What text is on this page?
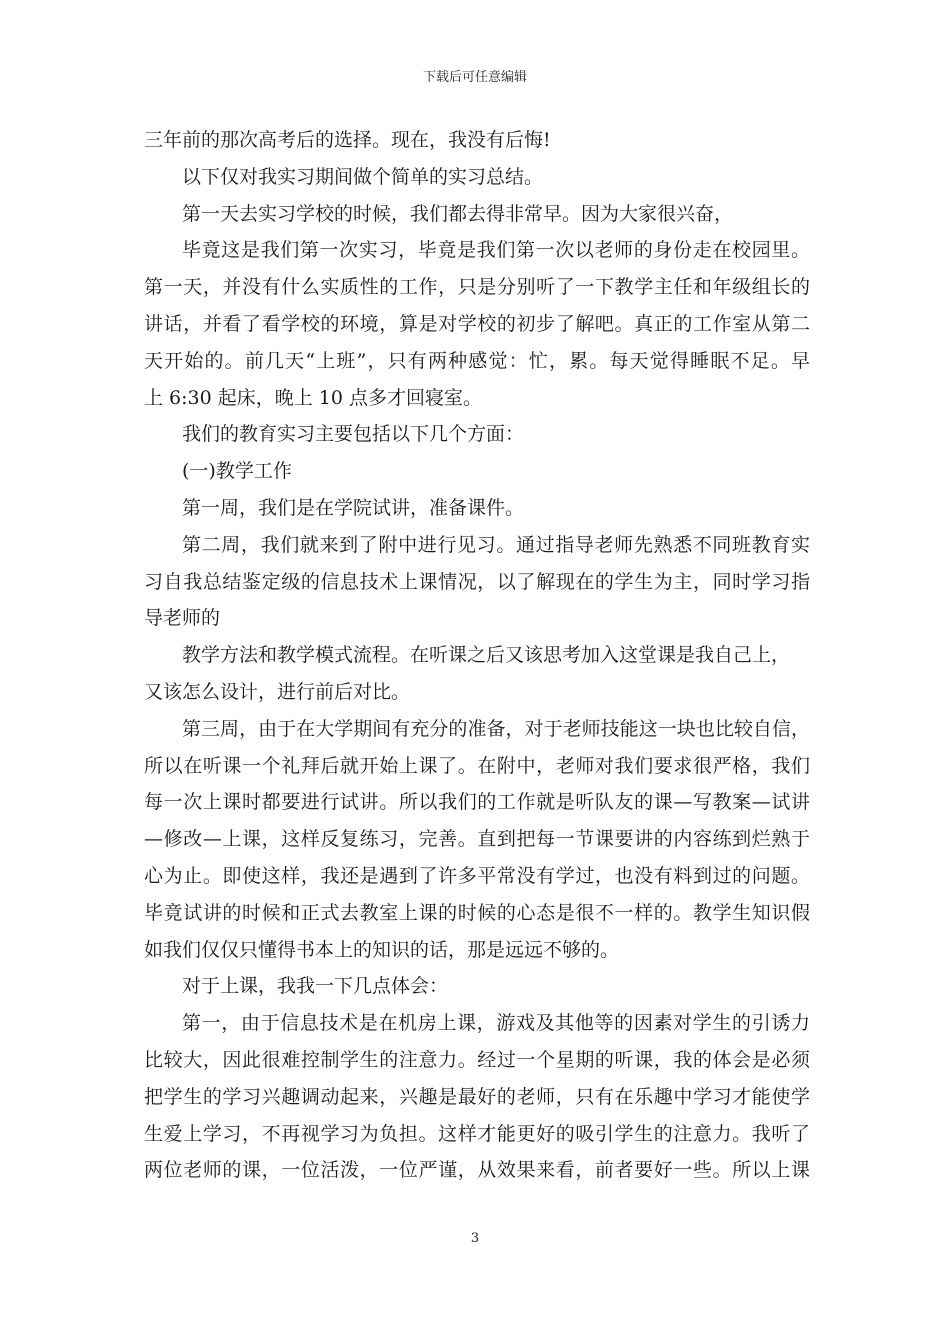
下载后可任意编辑
三年前的那次高考后的选择。现在，我没有后悔!
以下仅对我实习期间做个简单的实习总结。
第一天去实习学校的时候，我们都去得非常早。因为大家很兴奋，
毕竟这是我们第一次实习，毕竟是我们第一次以老师的身份走在校园里。
第一天，并没有什么实质性的工作，只是分别听了一下教学主任和年级组长的
讲话，并看了看学校的环境，算是对学校的初步了解吧。真正的工作室从第二
天开始的。前几天“上班”，只有两种感觉：忙，累。每天觉得睡眠不足。早
上 6:30 起床，晚上 10 点多才回寝室。
我们的教育实习主要包括以下几个方面：
(一)教学工作
第一周，我们是在学院试讲，准备课件。
第二周，我们就来到了附中进行见习。通过指导老师先熟悉不同班教育实
习自我总结鉴定级的信息技术上课情况，以了解现在的学生为主，同时学习指
导老师的
教学方法和教学模式流程。在听课之后又该思考加入这堂课是我自己上，
又该怎么设计，进行前后对比。
第三周，由于在大学期间有充分的准备，对于老师技能这一块也比较自信，
所以在听课一个礼拜后就开始上课了。在附中，老师对我们要求很严格，我们
每一次上课时都要进行试讲。所以我们的工作就是听队友的课—写教案—试讲
—修改—上课，这样反复练习，完善。直到把每一节课要讲的内容练到烂熟于
心为止。即使这样，我还是遇到了许多平常没有学过，也没有料到过的问题。
毕竟试讲的时候和正式去教室上课的时候的心态是很不一样的。教学生知识假
如我们仅仅只懂得书本上的知识的话，那是远远不够的。
对于上课，我我一下几点体会：
第一，由于信息技术是在机房上课，游戏及其他等的因素对学生的引诱力
比较大，因此很难控制学生的注意力。经过一个星期的听课，我的体会是必须
把学生的学习兴趣调动起来，兴趣是最好的老师，只有在乐趣中学习才能使学
生爱上学习，不再视学习为负担。这样才能更好的吸引学生的注意力。我听了
两位老师的课，一位活泼，一位严谨，从效果来看，前者要好一些。所以上课
3
